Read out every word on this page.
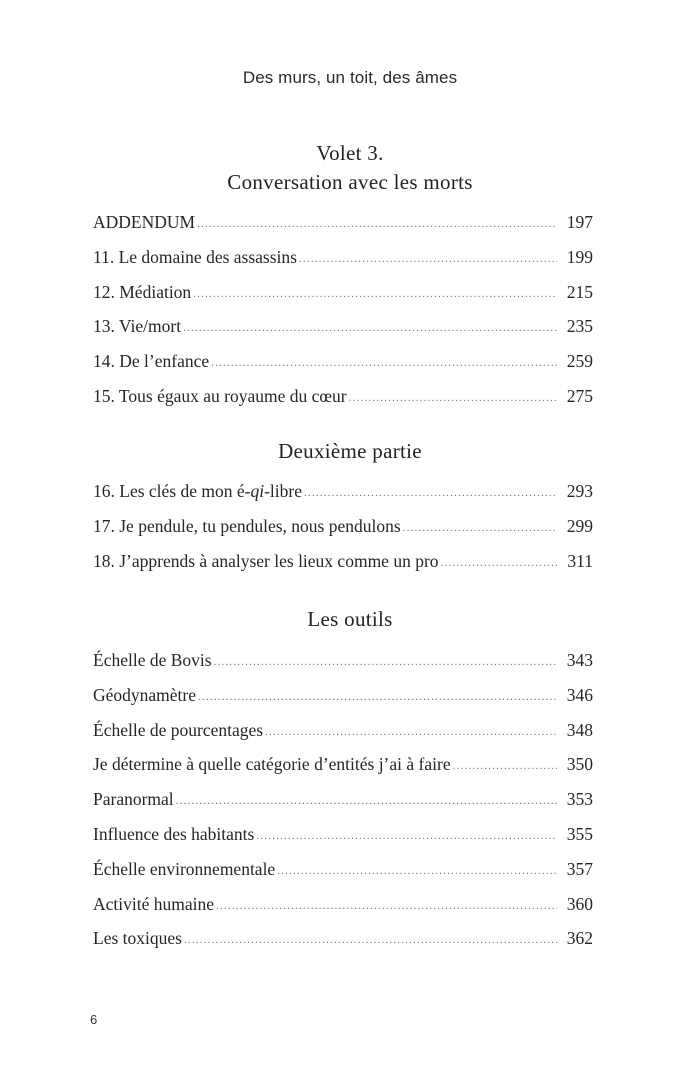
Des murs, un toit, des âmes
Volet 3.
Conversation avec les morts
ADDENDUM .....	197
11. Le domaine des assassins .....	199
12. Médiation .....	215
13. Vie/mort .....	235
14. De l’enfance .....	259
15. Tous égaux au royaume du cœur .....	275
Deuxième partie
16. Les clés de mon é-qi-libre .....	293
17. Je pendule, tu pendules, nous pendulons .....	299
18. J’apprends à analyser les lieux comme un pro .....	311
Les outils
Échelle de Bovis .....	343
Géodynamètre .....	346
Échelle de pourcentages .....	348
Je détermine à quelle catégorie d’entités j’ai à faire .....	350
Paranormal .....	353
Influence des habitants .....	355
Échelle environnementale .....	357
Activité humaine .....	360
Les toxiques .....	362
6
